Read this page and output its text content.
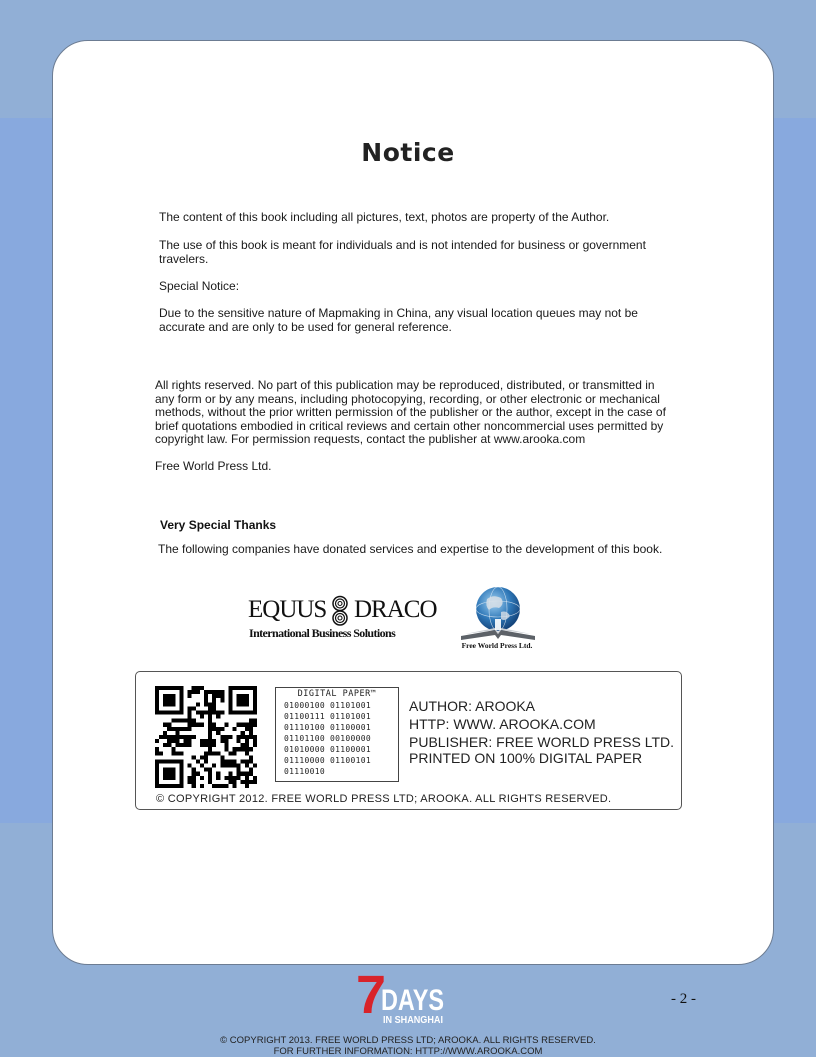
Notice

The content of this book including all pictures, text, photos are property of the Author.

The use of this book is meant for individuals and is not intended for business or government travelers.

Special Notice:

Due to the sensitive nature of Mapmaking in China, any visual location queues may not be accurate and are only to be used for general reference.

All rights reserved. No part of this publication may be reproduced, distributed, or transmitted in any form or by any means, including photocopying, recording, or other electronic or mechanical methods, without the prior written permission of the publisher or the author, except in the case of brief quotations embodied in critical reviews and certain other noncommercial uses permitted by copyright law. For permission requests, contact the publisher at www.arooka.com

Free World Press Ltd.

Very Special Thanks

The following companies have donated services and expertise to the development of this book.

EQUUS DRACO
International Business Solutions
Free World Press Ltd.
DIGITAL PAPER™
01000100 01101001
01100111 01101001
01110100 01100001
01101100 00100000
01010000 01100001
01110000 01100101
01110010
AUTHOR: AROOKA
HTTP: WWW. AROOKA.COM
PUBLISHER: FREE WORLD PRESS LTD.
PRINTED ON 100% DIGITAL PAPER
© COPYRIGHT 2012. FREE WORLD PRESS LTD; AROOKA. ALL RIGHTS RESERVED.
7
DAYS
IN SHANGHAI
- 2 -
© COPYRIGHT 2013. FREE WORLD PRESS LTD; AROOKA. ALL RIGHTS RESERVED.
FOR FURTHER INFORMATION: HTTP://WWW.AROOKA.COM
